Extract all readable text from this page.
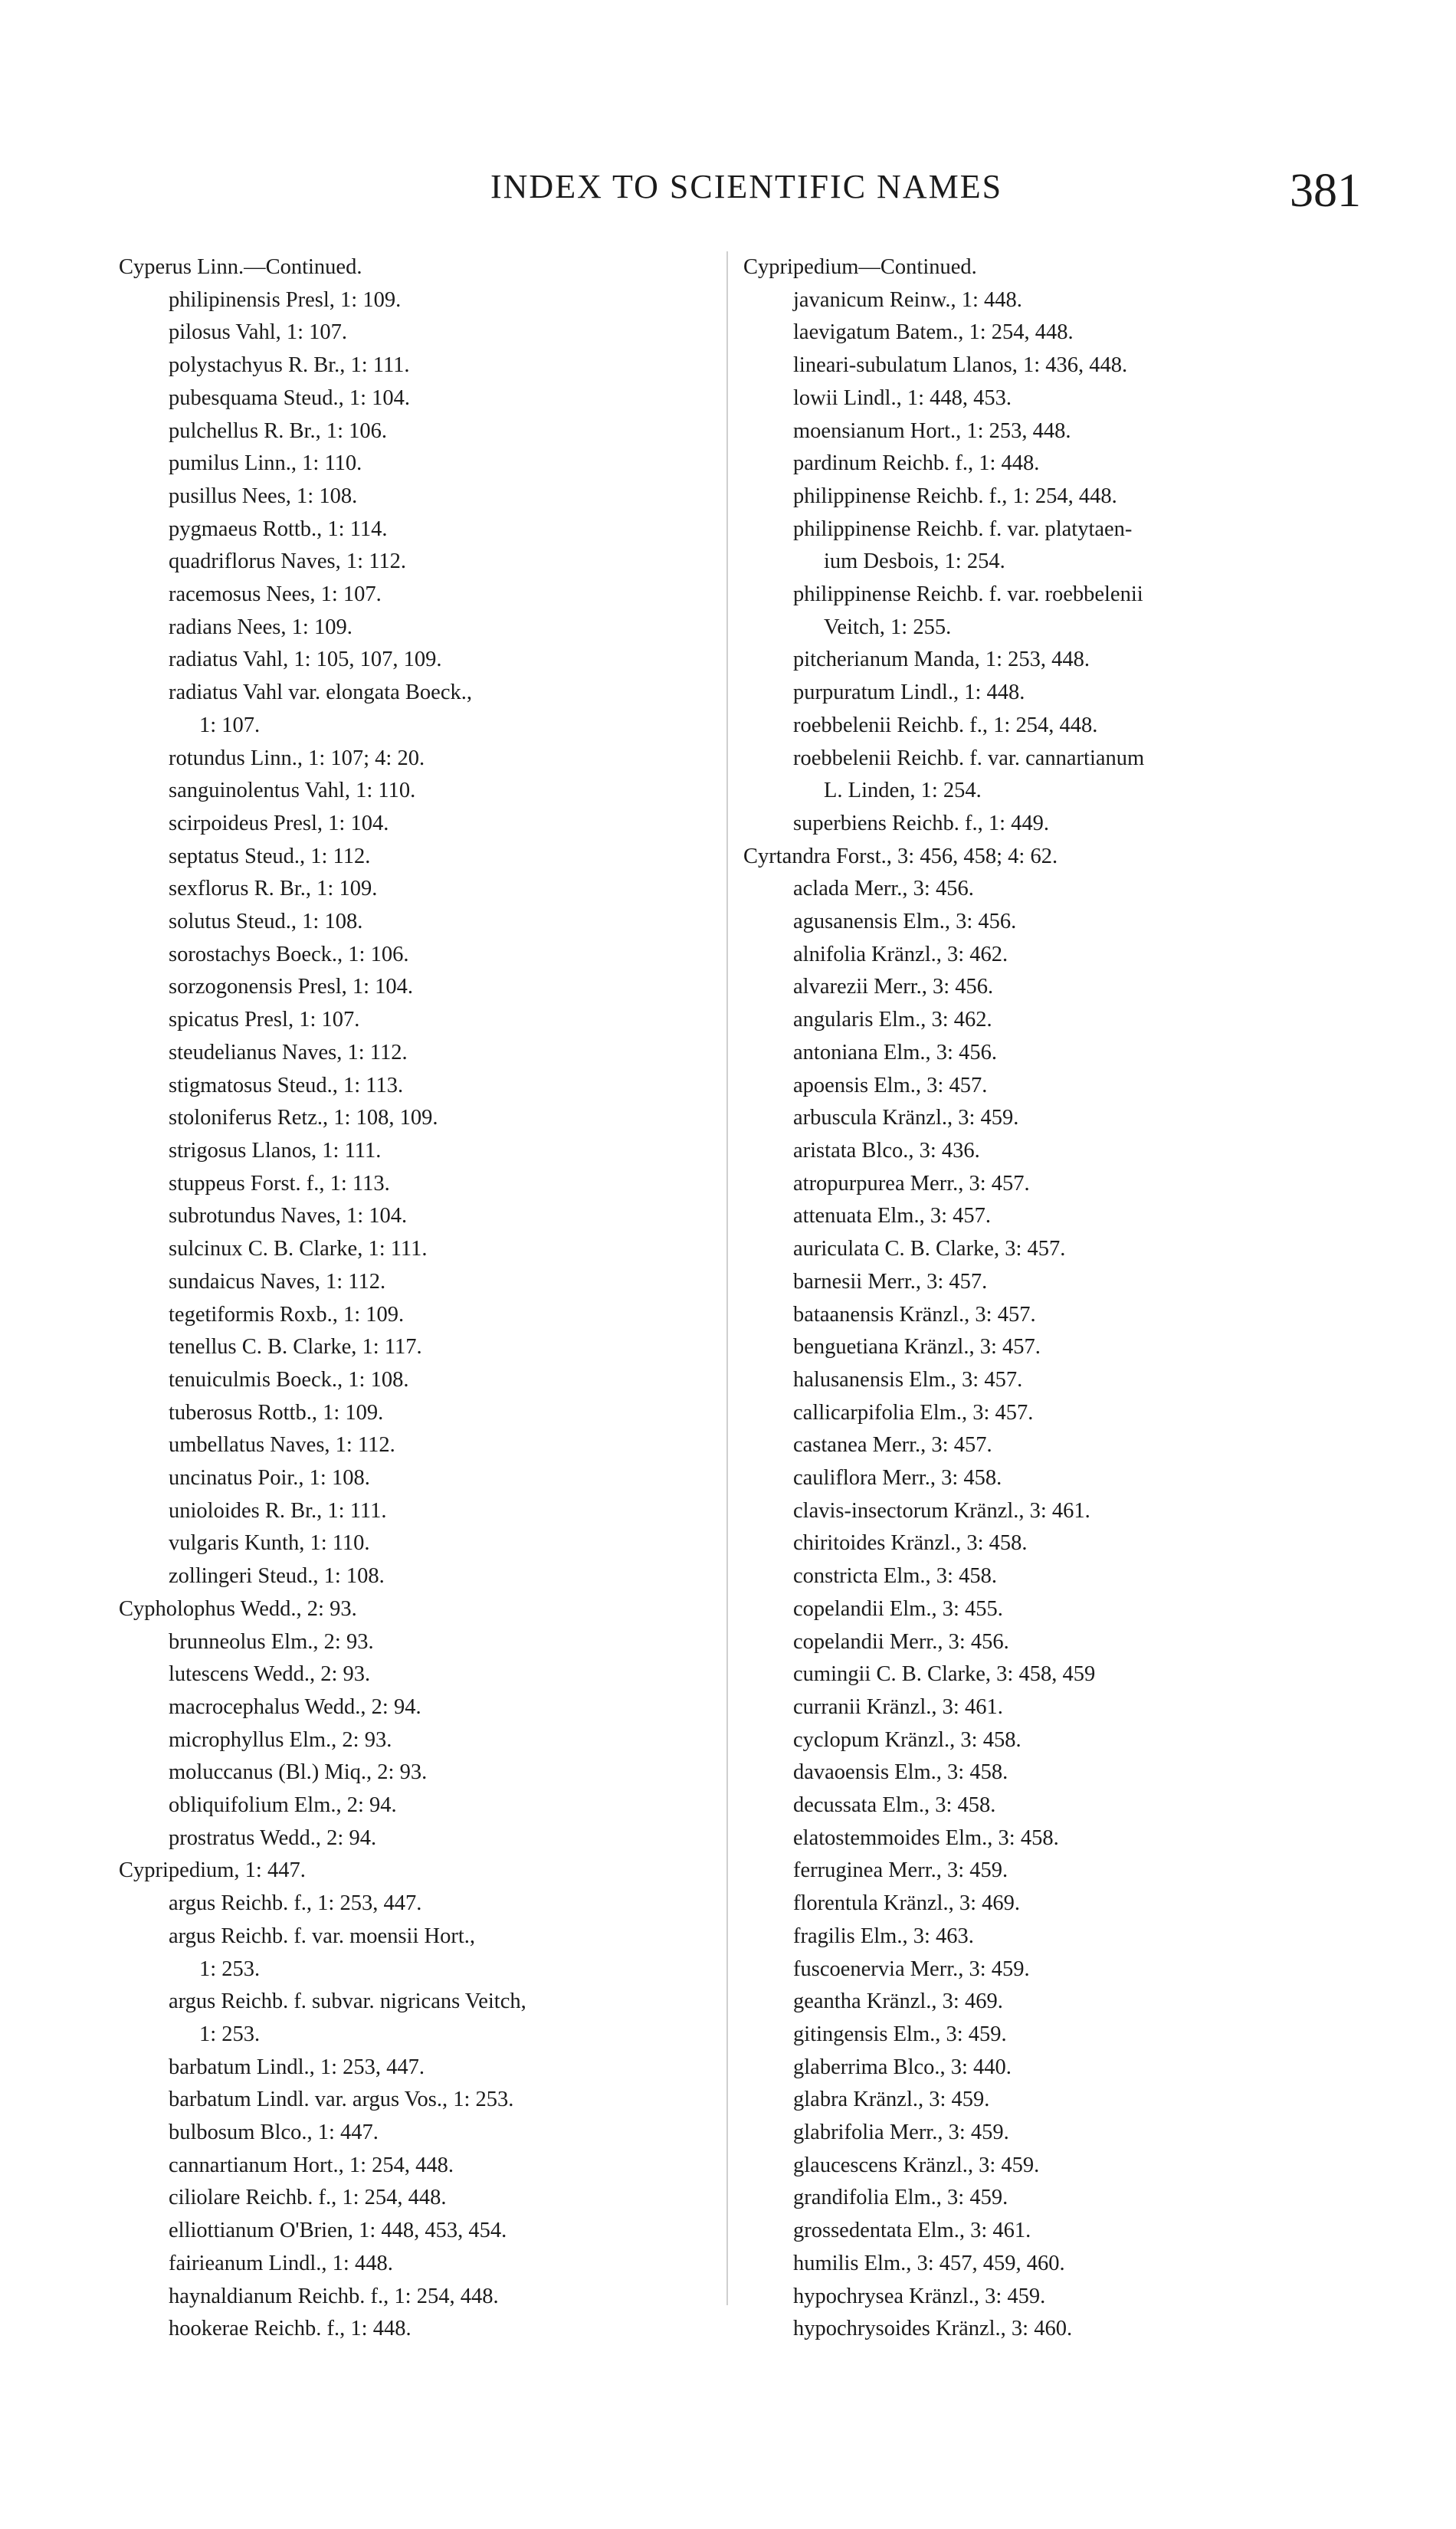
INDEX TO SCIENTIFIC NAMES	381
Cyperus Linn.—Continued.
philipinensis Presl, 1: 109.
pilosus Vahl, 1: 107.
polystachyus R. Br., 1: 111.
pubesquama Steud., 1: 104.
pulchellus R. Br., 1: 106.
pumilus Linn., 1: 110.
pusillus Nees, 1: 108.
pygmaeus Rottb., 1: 114.
quadriflorus Naves, 1: 112.
racemosus Nees, 1: 107.
radians Nees, 1: 109.
radiatus Vahl, 1: 105, 107, 109.
radiatus Vahl var. elongata Boeck.,
1: 107.
rotundus Linn., 1: 107; 4: 20.
sanguinolentus Vahl, 1: 110.
scirpoideus Presl, 1: 104.
septatus Steud., 1: 112.
sexflorus R. Br., 1: 109.
solutus Steud., 1: 108.
sorostachys Boeck., 1: 106.
sorzogonensis Presl, 1: 104.
spicatus Presl, 1: 107.
steudelianus Naves, 1: 112.
stigmatosus Steud., 1: 113.
stoloniferus Retz., 1: 108, 109.
strigosus Llanos, 1: 111.
stuppeus Forst. f., 1: 113.
subrotundus Naves, 1: 104.
sulcinux C. B. Clarke, 1: 111.
sundaicus Naves, 1: 112.
tegetiformis Roxb., 1: 109.
tenellus C. B. Clarke, 1: 117.
tenuiculmis Boeck., 1: 108.
tuberosus Rottb., 1: 109.
umbellatus Naves, 1: 112.
uncinatus Poir., 1: 108.
unioloides R. Br., 1: 111.
vulgaris Kunth, 1: 110.
zollingeri Steud., 1: 108.
Cypholophus Wedd., 2: 93.
brunneolus Elm., 2: 93.
lutescens Wedd., 2: 93.
macrocephalus Wedd., 2: 94.
microphyllus Elm., 2: 93.
moluccanus (Bl.) Miq., 2: 93.
obliquifolium Elm., 2: 94.
prostratus Wedd., 2: 94.
Cypripedium, 1: 447.
argus Reichb. f., 1: 253, 447.
argus Reichb. f. var. moensii Hort.,
1: 253.
argus Reichb. f. subvar. nigricans Veitch,
1: 253.
barbatum Lindl., 1: 253, 447.
barbatum Lindl. var. argus Vos., 1: 253.
bulbosum Blco., 1: 447.
cannartianum Hort., 1: 254, 448.
ciliolare Reichb. f., 1: 254, 448.
elliottianum O'Brien, 1: 448, 453, 454.
fairieanum Lindl., 1: 448.
haynaldianum Reichb. f., 1: 254, 448.
hookerae Reichb. f., 1: 448.
Cypripedium—Continued.
javanicum Reinw., 1: 448.
laevigatum Batem., 1: 254, 448.
lineari-subulatum Llanos, 1: 436, 448.
lowii Lindl., 1: 448, 453.
moensianum Hort., 1: 253, 448.
pardinum Reichb. f., 1: 448.
philippinense Reichb. f., 1: 254, 448.
philippinense Reichb. f. var. platytaen-
ium Desbois, 1: 254.
philippinense Reichb. f. var. roebbelenii
Veitch, 1: 255.
pitcherianum Manda, 1: 253, 448.
purpuratum Lindl., 1: 448.
roebbelenii Reichb. f., 1: 254, 448.
roebbelenii Reichb. f. var. cannartianum
L. Linden, 1: 254.
superbiens Reichb. f., 1: 449.
Cyrtandra Forst., 3: 456, 458; 4: 62.
aclada Merr., 3: 456.
agusanensis Elm., 3: 456.
alnifolia Kränzl., 3: 462.
alvarezii Merr., 3: 456.
angularis Elm., 3: 462.
antoniana Elm., 3: 456.
apoensis Elm., 3: 457.
arbuscula Kränzl., 3: 459.
aristata Blco., 3: 436.
atropurpurea Merr., 3: 457.
attenuata Elm., 3: 457.
auriculata C. B. Clarke, 3: 457.
barnesii Merr., 3: 457.
bataanensis Kränzl., 3: 457.
benguetiana Kränzl., 3: 457.
halusanensis Elm., 3: 457.
callicarpifolia Elm., 3: 457.
castanea Merr., 3: 457.
cauliflora Merr., 3: 458.
clavis-insectorum Kränzl., 3: 461.
chiritoides Kränzl., 3: 458.
constricta Elm., 3: 458.
copelandii Elm., 3: 455.
copelandii Merr., 3: 456.
cumingii C. B. Clarke, 3: 458, 459
curranii Kränzl., 3: 461.
cyclopum Kränzl., 3: 458.
davaoensis Elm., 3: 458.
decussata Elm., 3: 458.
elatostemmoides Elm., 3: 458.
ferruginea Merr., 3: 459.
florentula Kränzl., 3: 469.
fragilis Elm., 3: 463.
fuscoenervia Merr., 3: 459.
geantha Kränzl., 3: 469.
gitingensis Elm., 3: 459.
glaberrima Blco., 3: 440.
glabra Kränzl., 3: 459.
glabrifolia Merr., 3: 459.
glaucescens Kränzl., 3: 459.
grandifolia Elm., 3: 459.
grossedentata Elm., 3: 461.
humilis Elm., 3: 457, 459, 460.
hypochrysea Kränzl., 3: 459.
hypochrysoides Kränzl., 3: 460.
